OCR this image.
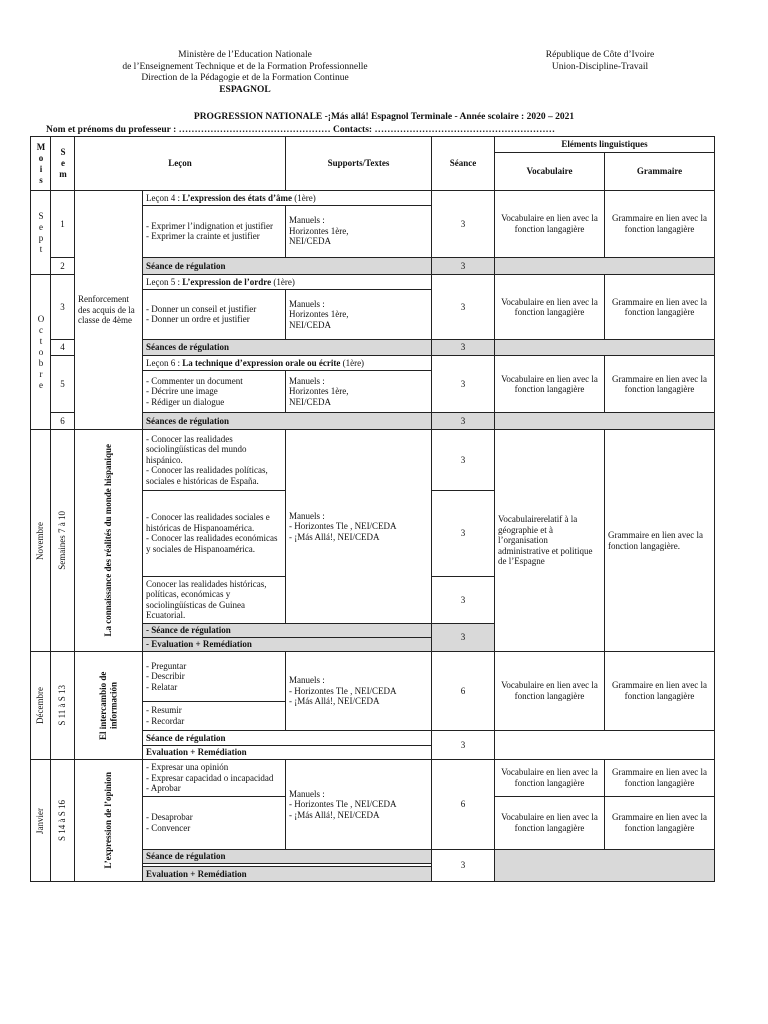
Ministère de l’Education Nationale
de l’Enseignement Technique et de la Formation Professionnelle
Direction de la Pédagogie et de la Formation Continue
ESPAGNOL
République de Côte d’Ivoire
Union-Discipline-Travail
PROGRESSION NATIONALE -¡Más allá! Espagnol Terminale - Année scolaire : 2020 – 2021
Nom et prénoms du professeur : ………………………………………… Contacts: …………………………………………………
Mois	Sem	Leçon		Supports/Textes	Séance	Eléments linguistiques	
						Vocabulaire	Grammaire

Sept	1	Renforcement des acquis de la classe de 4ème	Leçon 4 : L’expression des états d’âme (1ère)		3	Vocabulaire en lien avec la fonction langagière	Grammaire en lien avec la fonction langagière

			- Exprimer l’indignation et justifier
- Exprimer la crainte et justifier	Manuels :
Horizontes 1ère,
NEI/CEDA			

	2		Séance de régulation		3		

Octobre	3		Leçon 5 : L’expression de l’ordre (1ère)		3	Vocabulaire en lien avec la fonction langagière	Grammaire en lien avec la fonction langagière

			- Donner un conseil et justifier
- Donner un ordre et justifier	Manuels :
Horizontes 1ère,
NEI/CEDA			

	4		Séances de régulation		3		
	5		Leçon 6 : La technique d’expression orale ou écrite (1ère)		3	Vocabulaire en lien avec la fonction langagière	Grammaire en lien avec la fonction langagière

			- Commenter un document
- Décrire une image
- Rédiger un dialogue	Manuels :
Horizontes 1ère,
NEI/CEDA			

	6		Séances de régulation		3		

Novembre	Semaines 7 à 10	La connaissance des réalités du monde hispanique	- Conocer las realidades sociolingüísticas del mundo hispánico.
- Conocer las realidades políticas, sociales e históricas de España.	Manuels :
- Horizontes Tle , NEI/CEDA
- ¡Más Allá!, NEI/CEDA	3	Vocabulairerelatif à la géographie et à l’organisation administrative et politique de l’Espagne	Grammaire en lien avec la fonction langagière.

			- Conocer las realidades sociales e históricas de Hispanoamérica.
- Conocer las realidades económicas y sociales de Hispanoamérica.		3		

			Conocer las realidades históricas, políticas, económicas y sociolingüísticas de Guinea Ecuatorial.		3		
			- Séance de régulation		3		
			- Evaluation + Remédiation				

Décembre	S 11 à S 13	El intercambio de información	- Preguntar
- Describir
- Relatar	Manuels :
- Horizontes Tle , NEI/CEDA
- ¡Más Allá!, NEI/CEDA	6	Vocabulaire en lien avec la fonction langagière	Grammaire en lien avec la fonction langagière

			- Resumir
- Recordar				

			Séance de régulation		3		
			Evaluation + Remédiation				

Janvier	S 14 à S 16	L’expression de l’opinion	- Expresar una opinión
- Expresar capacidad o incapacidad
- Aprobar	Manuels :
- Horizontes Tle , NEI/CEDA
- ¡Más Allá!, NEI/CEDA	6	Vocabulaire en lien avec la fonction langagière	Grammaire en lien avec la fonction langagière

			- Desaprobar
- Convencer			Vocabulaire en lien avec la fonction langagière	Grammaire en lien avec la fonction langagière
			Séance de régulation		3		

			Evaluation + Remédiation				
